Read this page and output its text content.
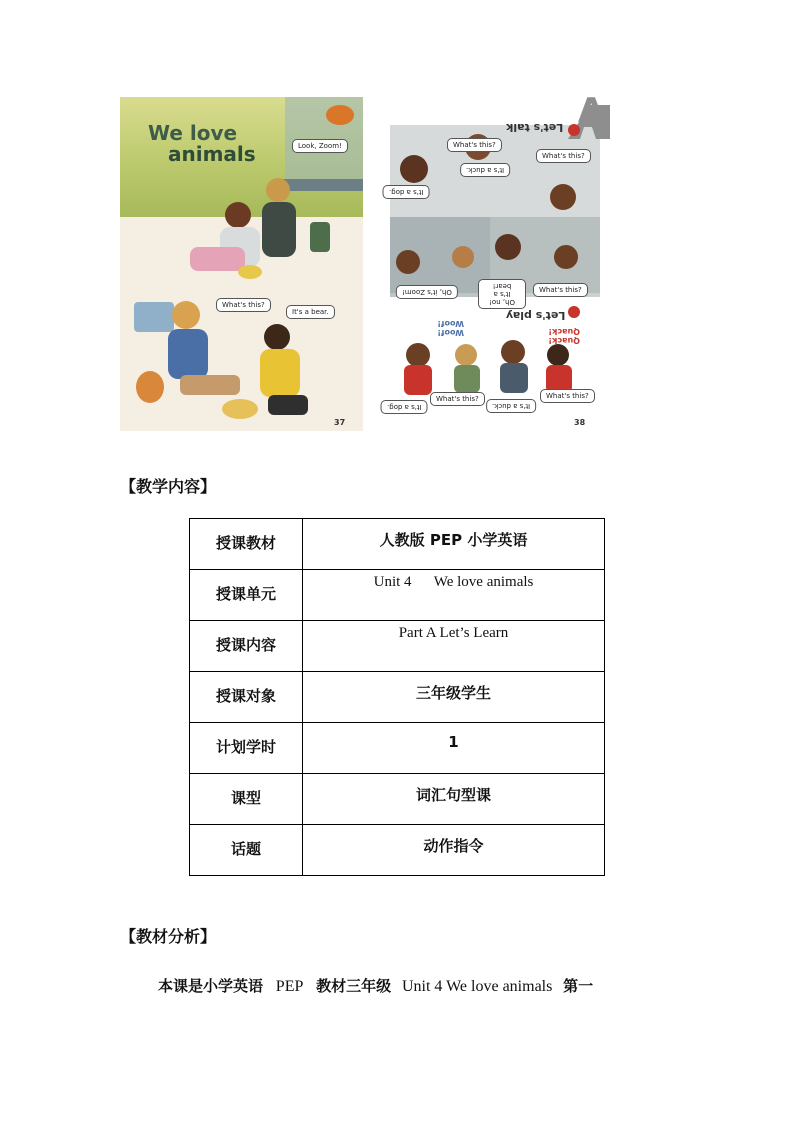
We love
animals	Look, Zoom!
What's this?
It's a bear.
37
Let's talk
Let's play
A
What's this?
It's a duck.
It's a dog.
What's this?
What's this?
Oh, no! It's a bear!
Oh, it's Zoom!
What's this?
It's a duck.
It's a dog.
What's this?
Quack! Quack!
Woof! Woof!
38
【教学内容】
授课教材	人教版 PEP 小学英语
授课单元	Unit 4      We love animals
授课内容	Part A Let’s Learn
授课对象	三年级学生
计划学时	1
课型	词汇句型课
话题	动作指令
【教材分析】
本课是小学英语 PEP 教材三年级 Unit 4 We love animals 第一
